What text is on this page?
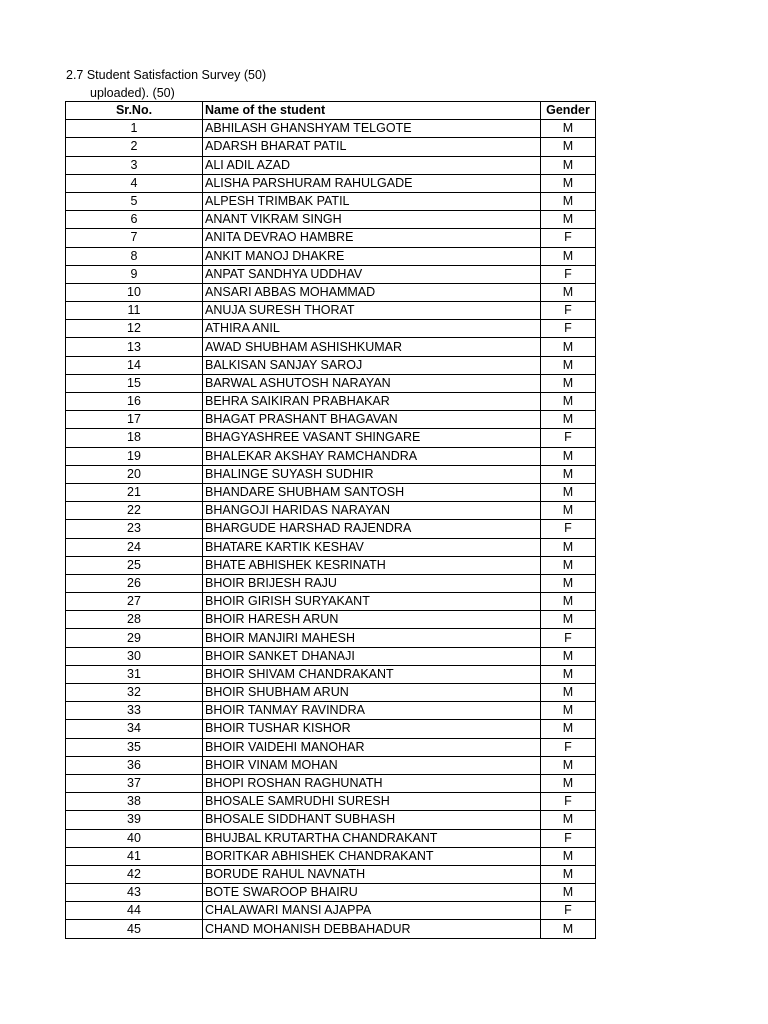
2.7 Student Satisfaction Survey (50)
uploaded). (50)
Sr.No.	Name of the student	Gender
1	ABHILASH GHANSHYAM TELGOTE	M
2	ADARSH BHARAT PATIL	M
3	ALI ADIL AZAD	M
4	ALISHA PARSHURAM RAHULGADE	M
5	ALPESH TRIMBAK PATIL	M
6	ANANT VIKRAM SINGH	M
7	ANITA DEVRAO HAMBRE	F
8	ANKIT MANOJ DHAKRE	M
9	ANPAT SANDHYA UDDHAV	F
10	ANSARI ABBAS MOHAMMAD	M
11	ANUJA SURESH THORAT	F
12	ATHIRA ANIL	F
13	AWAD SHUBHAM ASHISHKUMAR	M
14	BALKISAN SANJAY SAROJ	M
15	BARWAL ASHUTOSH NARAYAN	M
16	BEHRA SAIKIRAN PRABHAKAR	M
17	BHAGAT PRASHANT BHAGAVAN	M
18	BHAGYASHREE VASANT SHINGARE	F
19	BHALEKAR AKSHAY RAMCHANDRA	M
20	BHALINGE SUYASH SUDHIR	M
21	BHANDARE SHUBHAM SANTOSH	M
22	BHANGOJI HARIDAS NARAYAN	M
23	BHARGUDE HARSHAD RAJENDRA	F
24	BHATARE KARTIK KESHAV	M
25	BHATE ABHISHEK KESRINATH	M
26	BHOIR BRIJESH RAJU	M
27	BHOIR GIRISH SURYAKANT	M
28	BHOIR HARESH ARUN	M
29	BHOIR MANJIRI MAHESH	F
30	BHOIR SANKET DHANAJI	M
31	BHOIR SHIVAM CHANDRAKANT	M
32	BHOIR SHUBHAM ARUN	M
33	BHOIR TANMAY RAVINDRA	M
34	BHOIR TUSHAR KISHOR	M
35	BHOIR VAIDEHI MANOHAR	F
36	BHOIR VINAM MOHAN	M
37	BHOPI ROSHAN RAGHUNATH	M
38	BHOSALE SAMRUDHI SURESH	F
39	BHOSALE SIDDHANT SUBHASH	M
40	BHUJBAL KRUTARTHA CHANDRAKANT	F
41	BORITKAR ABHISHEK CHANDRAKANT	M
42	BORUDE RAHUL NAVNATH	M
43	BOTE SWAROOP BHAIRU	M
44	CHALAWARI MANSI AJAPPA	F
45	CHAND MOHANISH DEBBAHADUR	M
